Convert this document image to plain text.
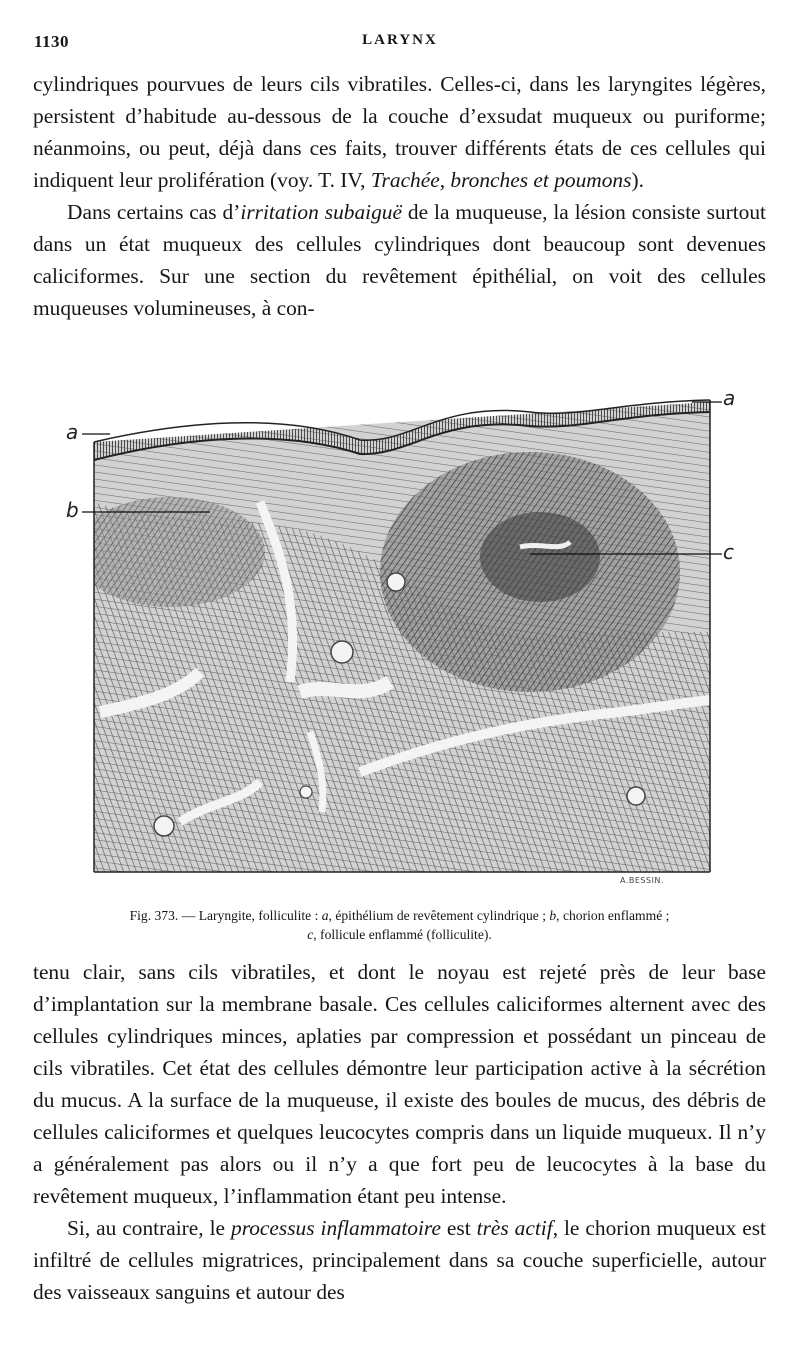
1130	LARYNX

cylindriques pourvues de leurs cils vibratiles. Celles-ci, dans les laryngites légères, persistent d’habitude au-dessous de la couche d’exsudat muqueux ou puriforme; néanmoins, ou peut, déjà dans ces faits, trouver différents états de ces cellules qui indiquent leur prolifération (voy. T. IV, Trachée, bronches et poumons).

Dans certains cas d’irritation subaiguë de la muqueuse, la lésion consiste surtout dans un état muqueux des cellules cylindriques dont beaucoup sont devenues caliciformes. Sur une section du revêtement épithélial, on voit des cellules muqueuses volumineuses, à con-

a
b
a
c
A.BESSIN.

Fig. 373. — Laryngite, folliculite : a, épithélium de revêtement cylindrique ; b, chorion enflammé ;
c, follicule enflammé (folliculite).

tenu clair, sans cils vibratiles, et dont le noyau est rejeté près de leur base d’implantation sur la membrane basale. Ces cellules caliciformes alternent avec des cellules cylindriques minces, aplaties par compression et possédant un pinceau de cils vibratiles. Cet état des cellules démontre leur participation active à la sécrétion du mucus. A la surface de la muqueuse, il existe des boules de mucus, des débris de cellules caliciformes et quelques leucocytes compris dans un liquide muqueux. Il n’y a généralement pas alors ou il n’y a que fort peu de leucocytes à la base du revêtement muqueux, l’inflammation étant peu intense.

Si, au contraire, le processus inflammatoire est très actif, le chorion muqueux est infiltré de cellules migratrices, principalement dans sa couche superficielle, autour des vaisseaux sanguins et autour des
